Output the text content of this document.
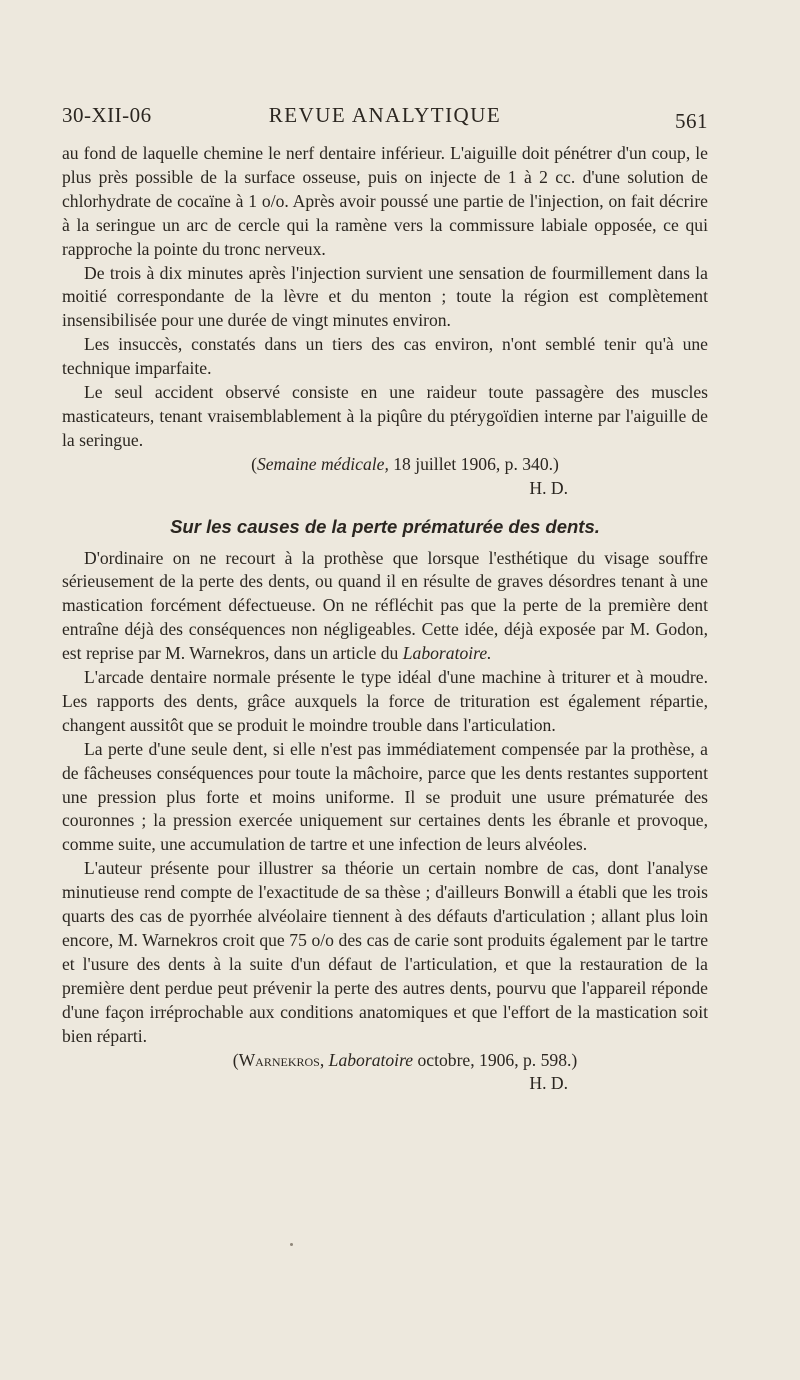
30-XII-06	REVUE ANALYTIQUE	561

au fond de laquelle chemine le nerf dentaire inférieur. L'aiguille doit pénétrer d'un coup, le plus près possible de la surface osseuse, puis on injecte de 1 à 2 cc. d'une solution de chlorhydrate de cocaïne à 1 o/o. Après avoir poussé une partie de l'injection, on fait décrire à la seringue un arc de cercle qui la ramène vers la commissure labiale opposée, ce qui rapproche la pointe du tronc nerveux.

De trois à dix minutes après l'injection survient une sensation de fourmillement dans la moitié correspondante de la lèvre et du menton ; toute la région est complètement insensibilisée pour une durée de vingt minutes environ.

Les insuccès, constatés dans un tiers des cas environ, n'ont semblé tenir qu'à une technique imparfaite.

Le seul accident observé consiste en une raideur toute passagère des muscles masticateurs, tenant vraisemblablement à la piqûre du ptérygoïdien interne par l'aiguille de la seringue.

(Semaine médicale, 18 juillet 1906, p. 340.)

H. D.

Sur les causes de la perte prématurée des dents.

D'ordinaire on ne recourt à la prothèse que lorsque l'esthétique du visage souffre sérieusement de la perte des dents, ou quand il en résulte de graves désordres tenant à une mastication forcément défectueuse. On ne réfléchit pas que la perte de la première dent entraîne déjà des conséquences non négligeables. Cette idée, déjà exposée par M. Godon, est reprise par M. Warnekros, dans un article du Laboratoire.

L'arcade dentaire normale présente le type idéal d'une machine à triturer et à moudre. Les rapports des dents, grâce auxquels la force de trituration est également répartie, changent aussitôt que se produit le moindre trouble dans l'articulation.

La perte d'une seule dent, si elle n'est pas immédiatement compensée par la prothèse, a de fâcheuses conséquences pour toute la mâchoire, parce que les dents restantes supportent une pression plus forte et moins uniforme. Il se produit une usure prématurée des couronnes ; la pression exercée uniquement sur certaines dents les ébranle et provoque, comme suite, une accumulation de tartre et une infection de leurs alvéoles.

L'auteur présente pour illustrer sa théorie un certain nombre de cas, dont l'analyse minutieuse rend compte de l'exactitude de sa thèse ; d'ailleurs Bonwill a établi que les trois quarts des cas de pyorrhée alvéolaire tiennent à des défauts d'articulation ; allant plus loin encore, M. Warnekros croit que 75 o/o des cas de carie sont produits également par le tartre et l'usure des dents à la suite d'un défaut de l'articulation, et que la restauration de la première dent perdue peut prévenir la perte des autres dents, pourvu que l'appareil réponde d'une façon irréprochable aux conditions anatomiques et que l'effort de la mastication soit bien réparti.

(Warnekros, Laboratoire octobre, 1906, p. 598.)

H. D.
